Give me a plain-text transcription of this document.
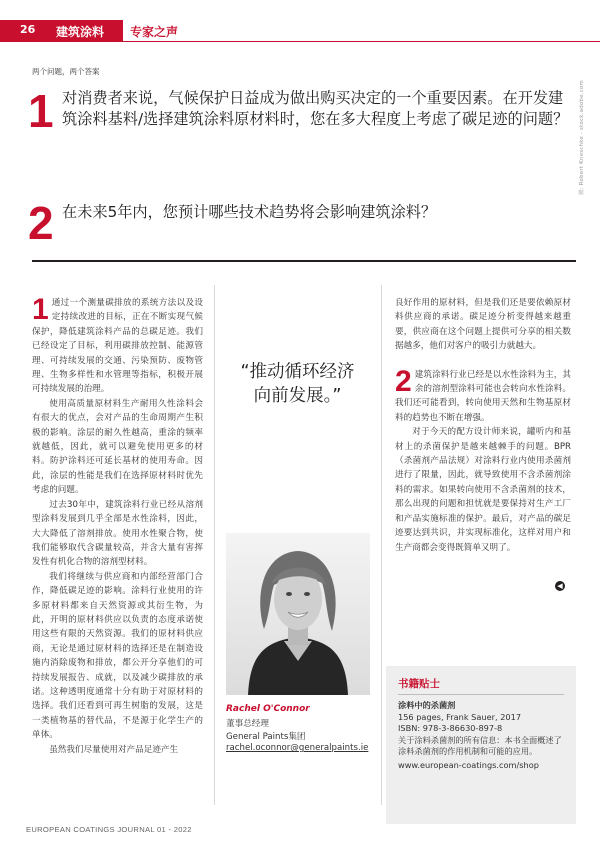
26 建筑涂料 专家之声
图: Robert Kneschke - stock.adobe.com
两个问题，两个答案
1 对消费者来说，气候保护日益成为做出购买决定的一个重要因素。在开发建筑涂料基料/选择建筑涂料原材料时，您在多大程度上考虑了碳足迹的问题？
2 在未来5年内，您预计哪些技术趋势将会影响建筑涂料？

1 通过一个测量碳排放的系统方法以及设定持续改进的目标，正在不断实现气候保护，降低建筑涂料产品的总碳足迹。我们已经设定了目标，利用碳排放控制、能源管理、可持续发展的交通、污染预防、废物管理、生物多样性和水管理等指标，积极开展可持续发展的治理。

使用高质量原材料生产耐用久性涂料会有很大的优点，会对产品的生命周期产生积极的影响。涂层的耐久性越高，重涂的频率就越低，因此，就可以避免使用更多的材料。防护涂料还可延长基材的使用寿命。因此，涂层的性能是我们在选择原材料时优先考虑的问题。

过去30年中，建筑涂料行业已经从溶剂型涂料发展到几乎全部是水性涂料，因此，大大降低了溶剂排放。使用水性聚合物，使我们能够取代含碳量较高，并含大量有害挥发性有机化合物的溶剂型材料。

我们将继续与供应商和内部经营部门合作，降低碳足迹的影响。涂料行业使用的许多原材料都来自天然资源或其衍生物，为此，开明的原材料供应以负责的态度承诺使用这些有限的天然资源。我们的原材料供应商，无论是通过原材料的选择还是在制造设施内消除废物和排放，都公开分享他们的可持续发展报告、成就，以及减少碳排放的承诺。这种透明度通常十分有助于对原材料的选择。我们还看到可再生树脂的发展，这是一类植物基的替代品，不是源于化学生产的单体。

虽然我们尽量使用对产品足迹产生

“推动循环经济向前发展。”
Rachel O'Connor
董事总经理
General Paints集团
rachel.oconnor@generalpaints.ie

良好作用的原材料，但是我们还是要依赖原材料供应商的承诺。碳足迹分析变得越来越重要，供应商在这个问题上提供可分享的相关数据越多，他们对客户的吸引力就越大。

2 建筑涂料行业已经是以水性涂料为主，其余的溶剂型涂料可能也会转向水性涂料。我们还可能看到，转向使用天然和生物基原材料的趋势也不断在增强。

对于今天的配方设计师来说，罐听内和基材上的杀菌保护是越来越棘手的问题。BPR（杀菌剂产品法规）对涂料行业内使用杀菌剂进行了限量，因此，就导致使用不含杀菌剂涂料的需求。如果转向使用不含杀菌剂的技术，那么出现的问题和担忧就是要保持对生产工厂和产品实施标准的保护。最后，对产品的碳足迹要达到共识，并实现标准化，这样对用户和生产商都会变得既简单又明了。

◀
书籍贴士
涂料中的杀菌剂
156 pages, Frank Sauer, 2017
ISBN: 978-3-86630-897-8
关于涂料杀菌剂的所有信息：本书全面概述了涂料杀菌剂的作用机制和可能的应用。
www.european-coatings.com/shop
EUROPEAN COATINGS JOURNAL 01 - 2022
